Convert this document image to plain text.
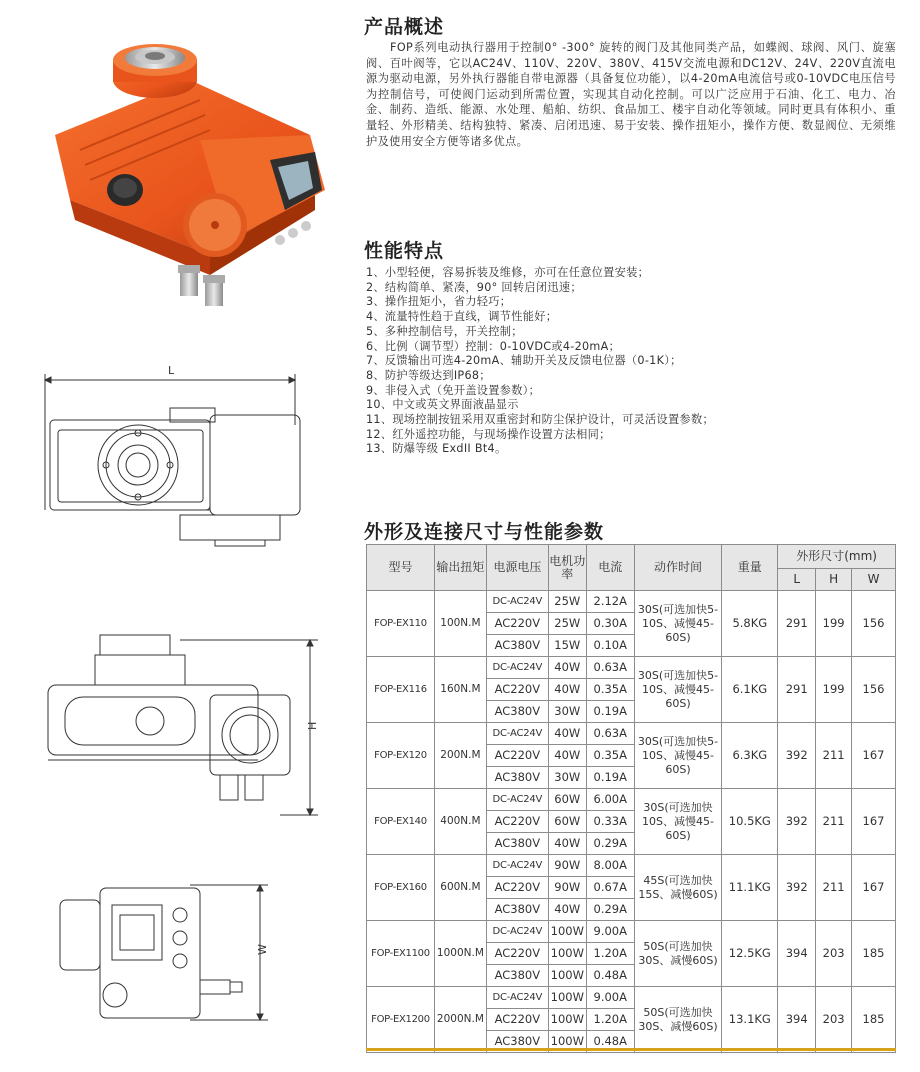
L
H
W
产品概述

FOP系列电动执行器用于控制0° -300° 旋转的阀门及其他同类产品，如蝶阀、球阀、风门、旋塞阀、百叶阀等，它以AC24V、110V、220V、380V、415V交流电源和DC12V、24V、220V直流电源为驱动电源，另外执行器能自带电源器（具备复位功能），以4-20mA电流信号或0-10VDC电压信号为控制信号，可使阀门运动到所需位置，实现其自动化控制。可以广泛应用于石油、化工、电力、冶金、制药、造纸、能源、水处理、船舶、纺织、食品加工、楼宇自动化等领域。同时更具有体积小、重量轻、外形精美、结构独特、紧凑、启闭迅速、易于安装、操作扭矩小，操作方便、数显阀位、无须维护及使用安全方便等诸多优点。

性能特点
1、小型轻便，容易拆装及维修，亦可在任意位置安装；
2、结构简单、紧凑，90° 回转启闭迅速；
3、操作扭矩小，省力轻巧；
4、流量特性趋于直线，调节性能好；
5、多种控制信号，开关控制；
6、比例（调节型）控制：0-10VDC或4-20mA；
7、反馈输出可选4-20mA、辅助开关及反馈电位器（0-1K）；
8、防护等级达到IP68；
9、非侵入式（免开盖设置参数）；
10、中文或英文界面液晶显示
11、现场控制按钮采用双重密封和防尘保护设计，可灵活设置参数；
12、红外遥控功能，与现场操作设置方法相同；
13、防爆等级 ExdII Bt4。
外形及连接尺寸与性能参数
型号	输出扭矩	电源电压	电机功率	电流	动作时间	重量	外形尺寸(mm)		
							L	H	W
FOP-EX110	100N.M	DC-AC24V	25W	2.12A	30S(可选加快5-10S、减慢45-60S)	5.8KG	291	199	156
		AC220V	25W	0.30A					
		AC380V	15W	0.10A					
FOP-EX116	160N.M	DC-AC24V	40W	0.63A	30S(可选加快5-10S、减慢45-60S)	6.1KG	291	199	156
		AC220V	40W	0.35A					
		AC380V	30W	0.19A					
FOP-EX120	200N.M	DC-AC24V	40W	0.63A	30S(可选加快5-10S、减慢45-60S)	6.3KG	392	211	167
		AC220V	40W	0.35A					
		AC380V	30W	0.19A					
FOP-EX140	400N.M	DC-AC24V	60W	6.00A	30S(可选加快10S、减慢45-60S)	10.5KG	392	211	167
		AC220V	60W	0.33A					
		AC380V	40W	0.29A					
FOP-EX160	600N.M	DC-AC24V	90W	8.00A	45S(可选加快15S、减慢60S)	11.1KG	392	211	167
		AC220V	90W	0.67A					
		AC380V	40W	0.29A					
FOP-EX1100	1000N.M	DC-AC24V	100W	9.00A	50S(可选加快30S、减慢60S)	12.5KG	394	203	185
		AC220V	100W	1.20A					
		AC380V	100W	0.48A					
FOP-EX1200	2000N.M	DC-AC24V	100W	9.00A	50S(可选加快30S、减慢60S)	13.1KG	394	203	185
		AC220V	100W	1.20A					
		AC380V	100W	0.48A					
